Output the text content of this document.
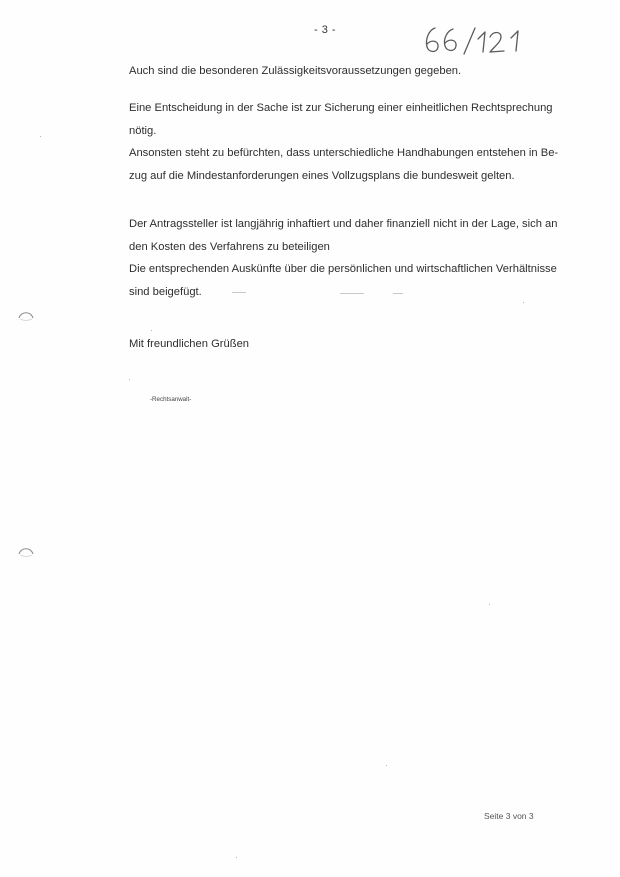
- 3 -
Auch sind die besonderen Zulässigkeitsvoraussetzungen gegeben.
Eine Entscheidung in der Sache ist zur Sicherung einer einheitlichen Rechtsprechung
nötig.
Ansonsten steht zu befürchten, dass unterschiedliche Handhabungen entstehen in Be-
zug auf die Mindestanforderungen eines Vollzugsplans die bundesweit gelten.
Der Antragssteller ist langjährig inhaftiert und daher finanziell nicht in der Lage, sich an
den Kosten des Verfahrens zu beteiligen
Die entsprechenden Auskünfte über die persönlichen und wirtschaftlichen Verhältnisse
sind beigefügt.
Mit freundlichen Grüßen
-Rechtsanwalt-
Seite 3 von 3
